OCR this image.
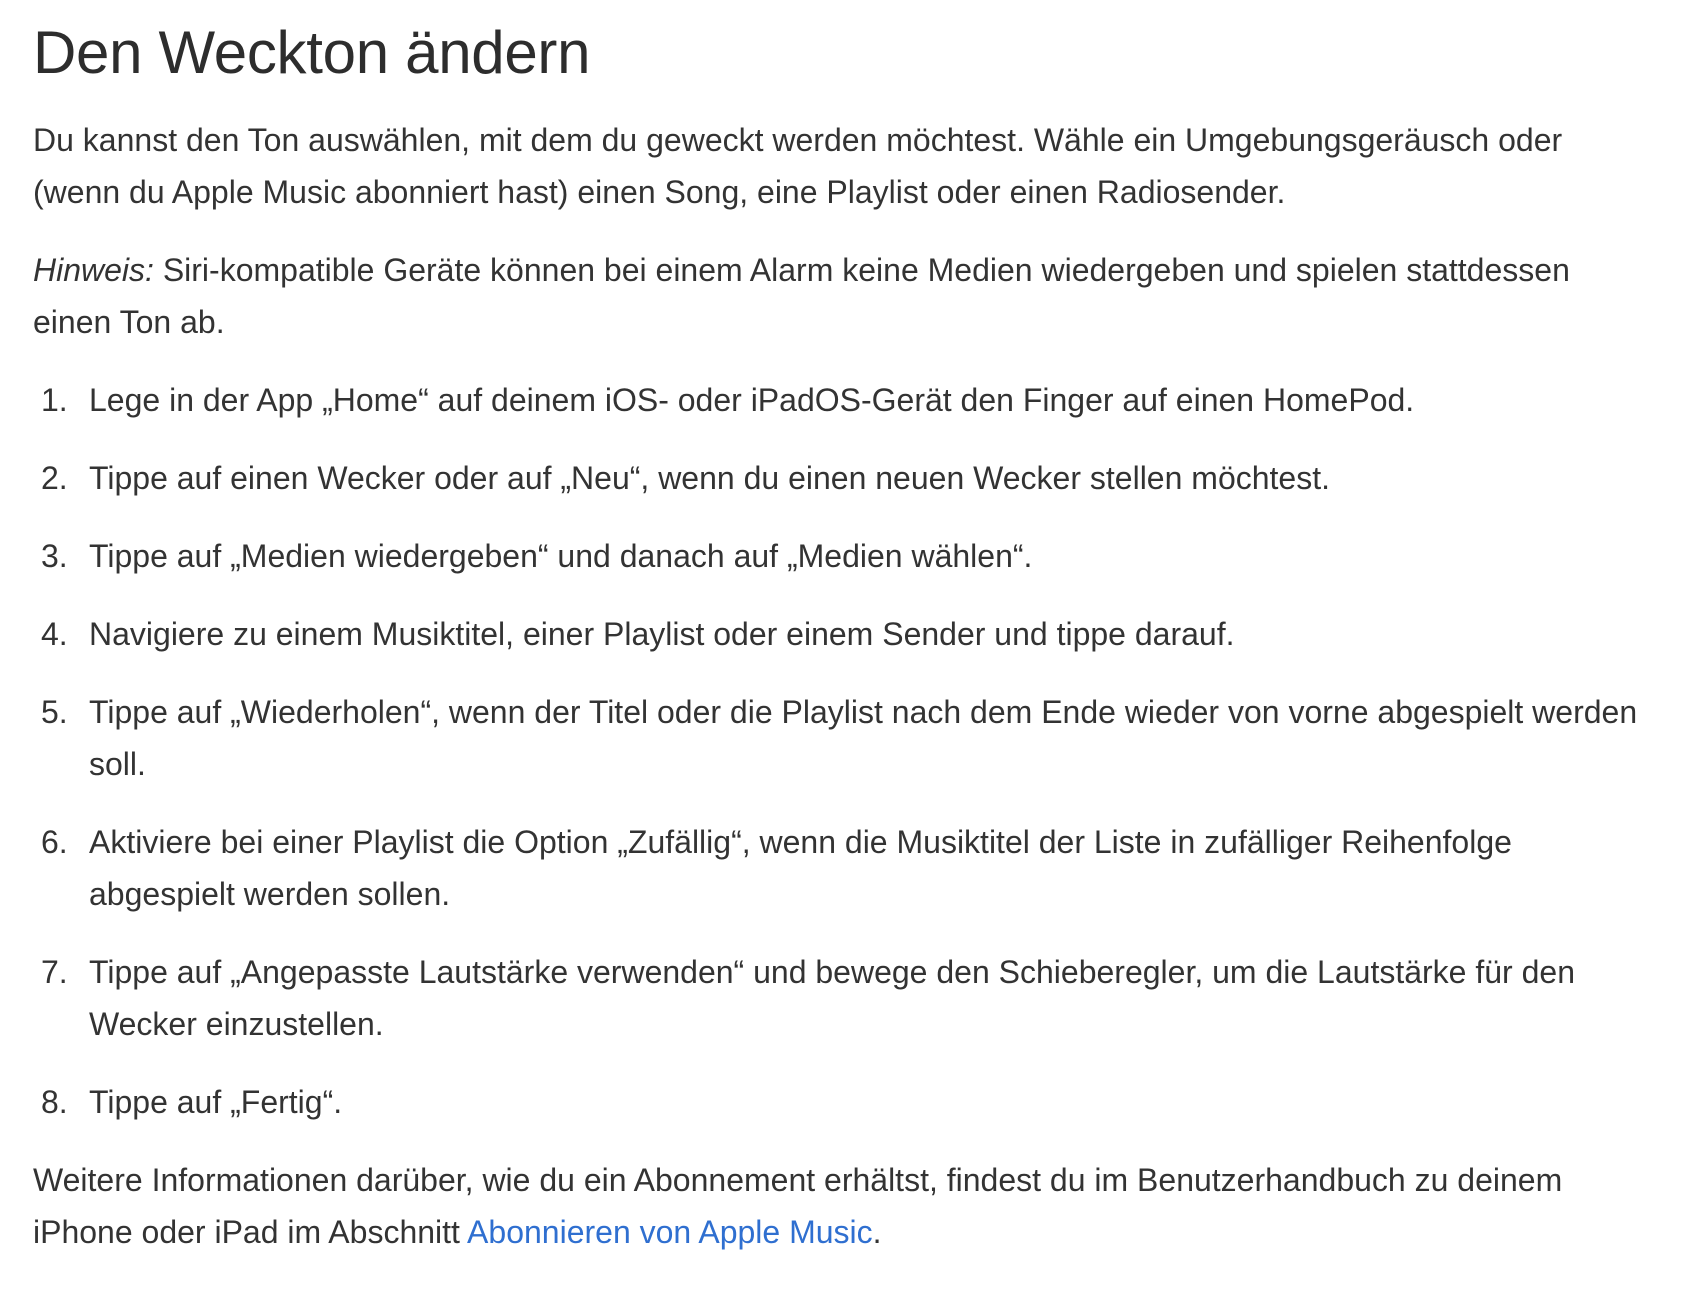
Den Weckton ändern

Du kannst den Ton auswählen, mit dem du geweckt werden möchtest. Wähle ein Umgebungsgeräusch oder (wenn du Apple Music abonniert hast) einen Song, eine Playlist oder einen Radiosender.

Hinweis: Siri-kompatible Geräte können bei einem Alarm keine Medien wiedergeben und spielen stattdessen einen Ton ab.

1. Lege in der App „Home“ auf deinem iOS- oder iPadOS-Gerät den Finger auf einen HomePod.
2. Tippe auf einen Wecker oder auf „Neu“, wenn du einen neuen Wecker stellen möchtest.
3. Tippe auf „Medien wiedergeben“ und danach auf „Medien wählen“.
4. Navigiere zu einem Musiktitel, einer Playlist oder einem Sender und tippe darauf.
5. Tippe auf „Wiederholen“, wenn der Titel oder die Playlist nach dem Ende wieder von vorne abgespielt werden soll.
6. Aktiviere bei einer Playlist die Option „Zufällig“, wenn die Musiktitel der Liste in zufälliger Reihenfolge abgespielt werden sollen.
7. Tippe auf „Angepasste Lautstärke verwenden“ und bewege den Schieberegler, um die Lautstärke für den Wecker einzustellen.
8. Tippe auf „Fertig“.

Weitere Informationen darüber, wie du ein Abonnement erhältst, findest du im Benutzerhandbuch zu deinem iPhone oder iPad im Abschnitt Abonnieren von Apple Music.
